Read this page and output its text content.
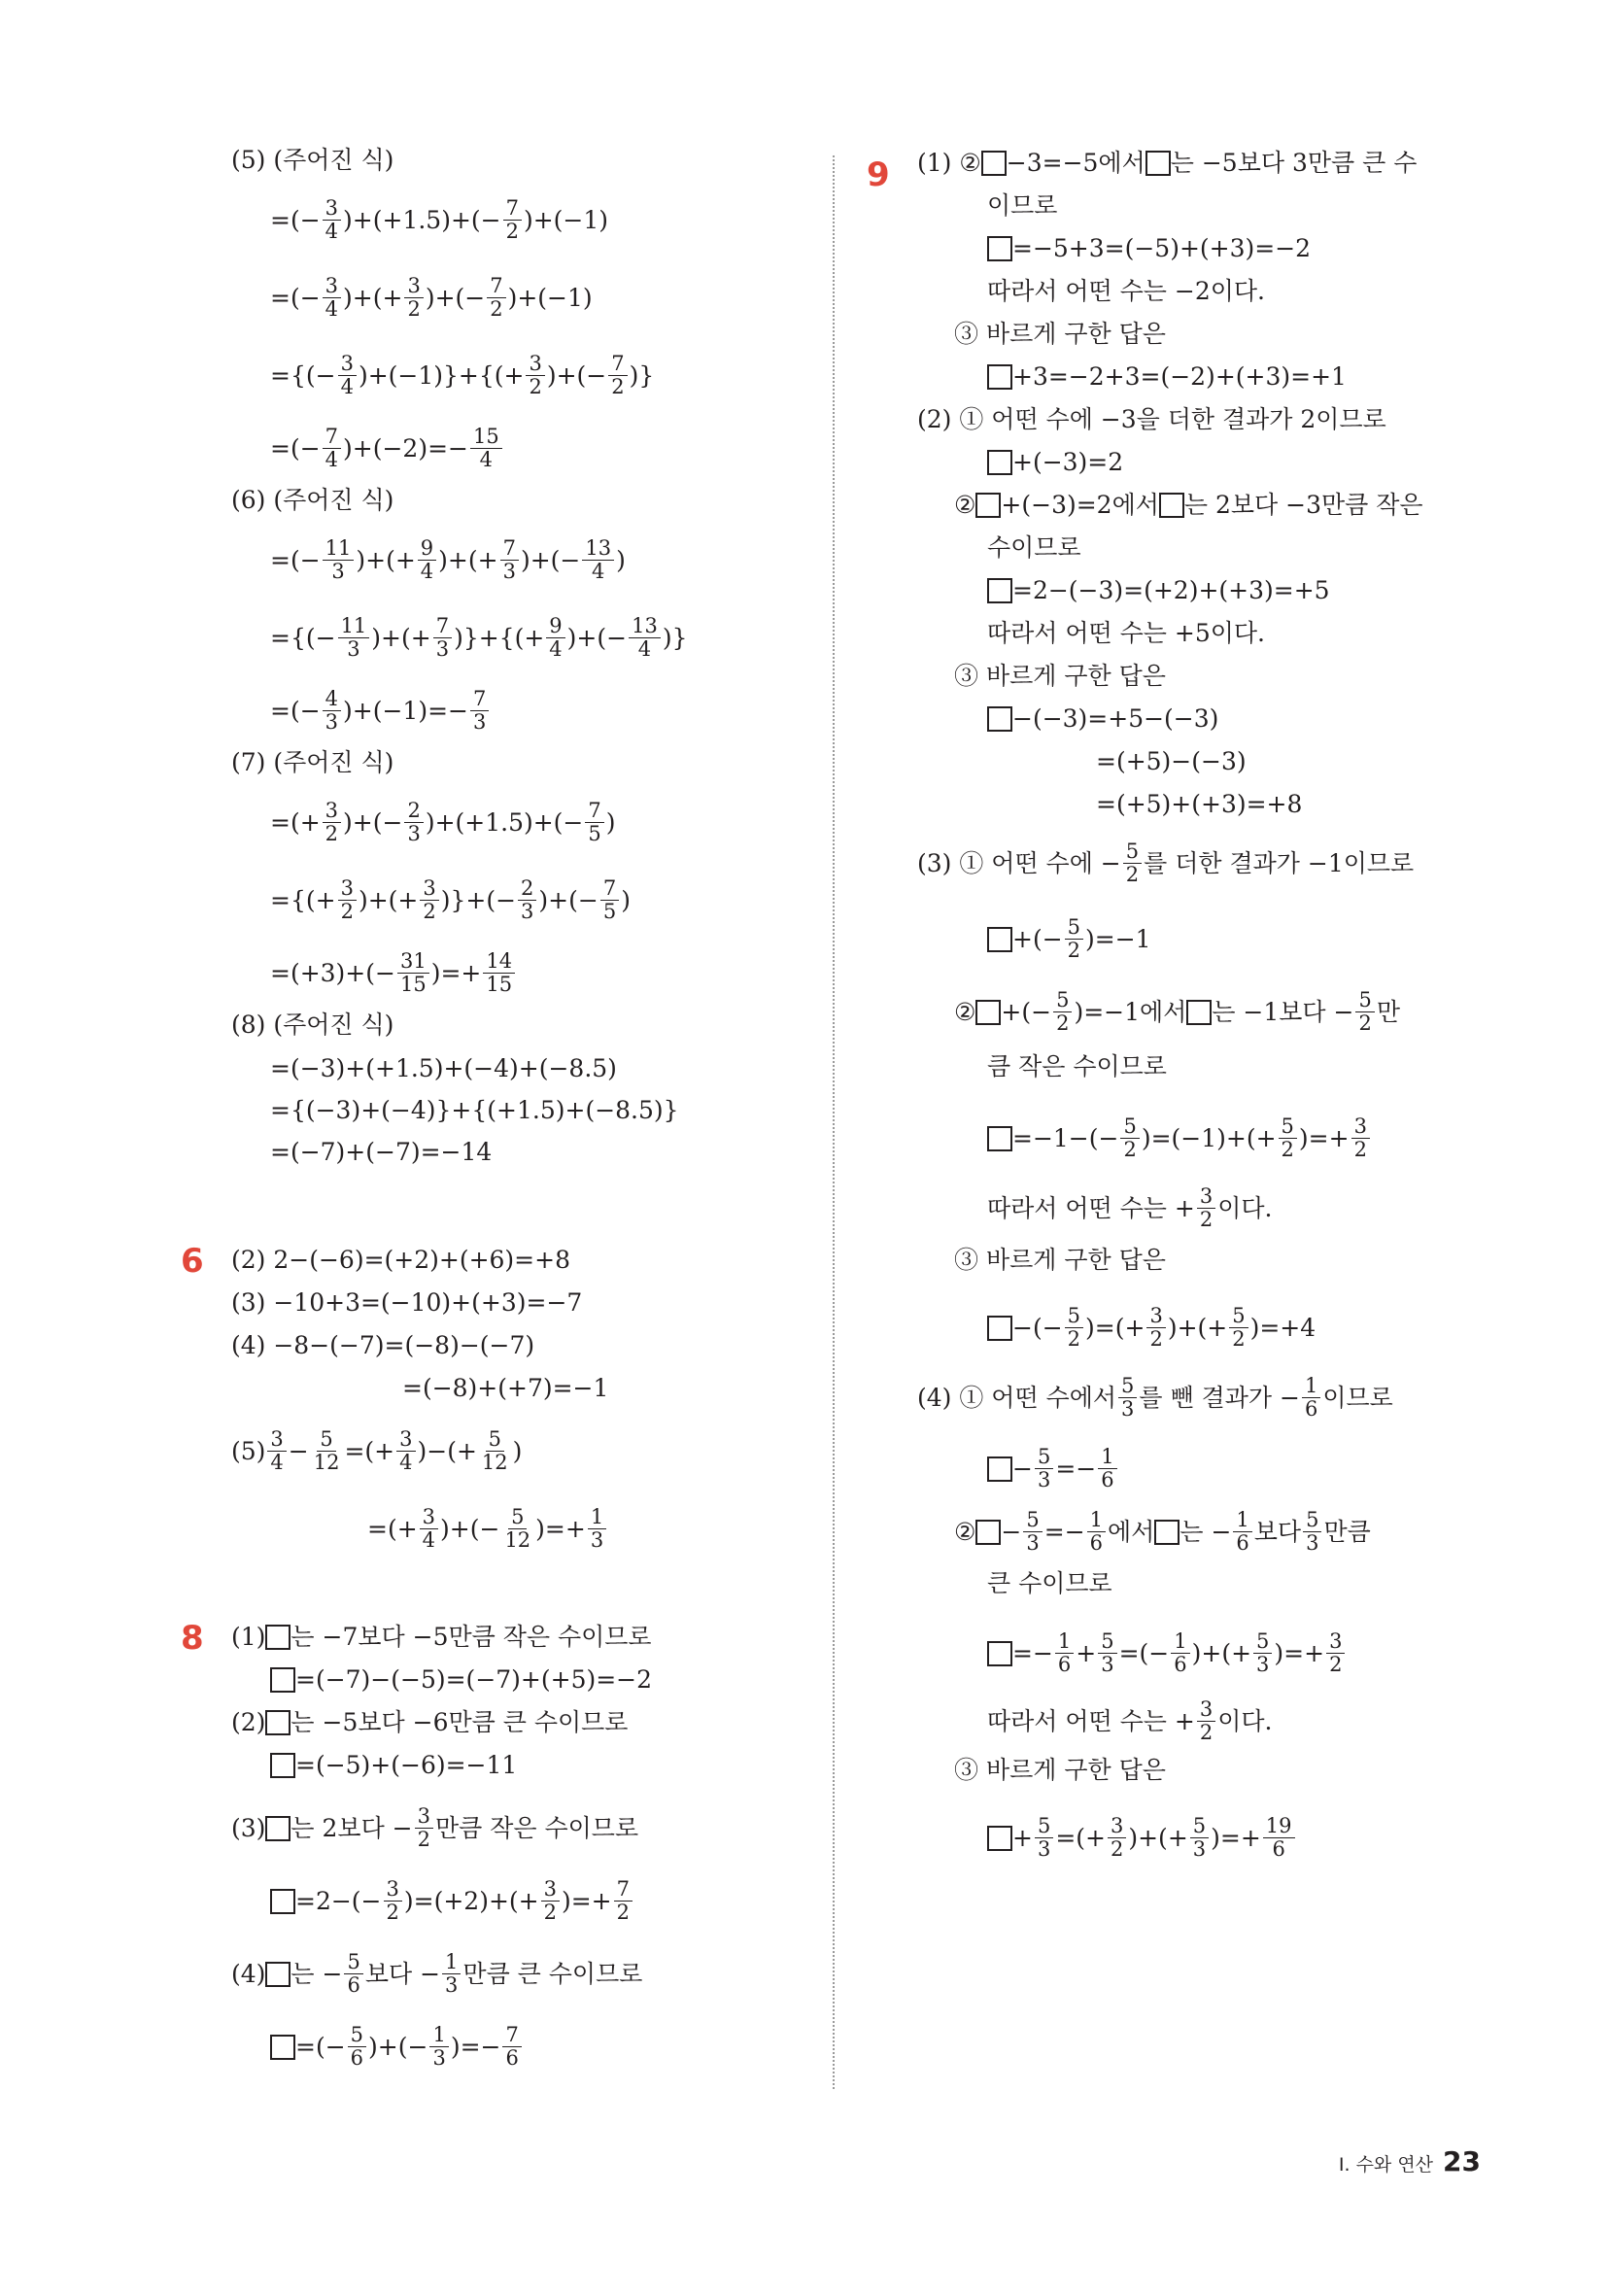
6
8
9
(5) (주어진 식)
=(− $\frac{3}{4} )+(+1.5)+(- \frac{7}{2} )+(-1)$
=(− $\frac{3}{4}$ )+(+ $\frac{3}{2}$ )+(− $\frac{7}{2} )+(-1)$
={(− $\frac{3}{4} )+(-1)\}+\{(+ \frac{3}{2}$ )+(− $\frac{7}{2}$ )}
=(− $\frac{7}{4} )+(-2)=- \frac{15}{4}$
(6) (주어진 식)
=(− $\frac{11}{3}$ )+(+ $\frac{9}{4}$ )+(+ $\frac{7}{3}$ )+(− $\frac{13}{4}$ )
={(− $\frac{11}{3}$ )+(+ $\frac{7}{3}$ )}+{(+ $\frac{9}{4}$ )+(− $\frac{13}{4}$ )}
=(− $\frac{4}{3} )+(-1)=- \frac{7}{3}$
(7) (주어진 식)
=(+ $\frac{3}{2}$ )+(− $\frac{2}{3} )+(+1.5)+(- \frac{7}{5}$ )
={(+ $\frac{3}{2}$ )+(+ $\frac{3}{2}$ )}+(− $\frac{2}{3}$ )+(− $\frac{7}{5}$ )
$=(+3)+(- \frac{31}{15}$ )=+ $\frac{14}{15}$
(8) (주어진 식)
=(−3)+(+1.5)+(−4)+(−8.5)
={(−3)+(−4)}+{(+1.5)+(−8.5)}
=(−7)+(−7)=−14
(2) 2−(−6)=(+2)+(+6)=+8
(3) −10+3=(−10)+(+3)=−7
(4) −8−(−7)=(−8)−(−7)
=(−8)+(+7)=−1
$(5) \frac{3}{4} - \frac{5}{12}$ =(+ $\frac{3}{4}$ )−(+ $\frac{5}{12}$ )
=(+ $\frac{3}{4}$ )+(− $\frac{5}{12}$ )=+ $\frac{1}{3}$
(1)
는 −7보다 −5만큼 작은 수이므로
=(−7)−(−5)=(−7)+(+5)=−2
(2)
는 −5보다 −6만큼 큰 수이므로
=(−5)+(−6)=−11
(3)
는 2보다 − $\frac{3}{2}$ 만큼 작은 수이므로
$=2-(- \frac{3}{2} )=(+2)+(+ \frac{3}{2}$ )=+ $\frac{7}{2}$
(4)
는 − $\frac{5}{6}$ 보다 − $\frac{1}{3}$ 만큼 큰 수이므로
=(− $\frac{5}{6}$ )+(− $\frac{1}{3}$ )=− $\frac{7}{6}$
(1) ②
−3=−5에서
는 −5보다 3만큼 큰 수
이므로
=−5+3=(−5)+(+3)=−2
따라서 어떤 수는 −2이다.
③ 바르게 구한 답은
+3=−2+3=(−2)+(+3)=+1
(2) ① 어떤 수에 −3을 더한 결과가 2이므로
+(−3)=2
②
+(−3)=2에서
는 2보다 −3만큼 작은
수이므로
=2−(−3)=(+2)+(+3)=+5
따라서 어떤 수는 +5이다.
③ 바르게 구한 답은
−(−3)=+5−(−3)
=(+5)−(−3)
=(+5)+(+3)=+8
(3) ① 어떤 수에 − $\frac{5}{2}$ 를 더한 결과가 −1이므로
+(− $\frac{5}{2} )=-1$
②
+(− $\frac{5}{2} )=-1$에서
는 −1보다 − $\frac{5}{2}$ 만
큼 작은 수이므로
$=-1-(- \frac{5}{2} )=(-1)+(+ \frac{5}{2}$ )=+ $\frac{3}{2}$
따라서 어떤 수는 + $\frac{3}{2}$ 이다.
③ 바르게 구한 답은
−(− $\frac{5}{2}$ )=(+ $\frac{3}{2}$ )+(+ $\frac{5}{2} )=+4$
(4) ① 어떤 수에서 $\frac{5}{3}$ 를 뺀 결과가 − $\frac{1}{6}$ 이므로
− $\frac{5}{3} =- \frac{1}{6}$
②
− $\frac{5}{3} =- \frac{1}{6}$ 에서
는 − $\frac{1}{6}$ 보다 $\frac{5}{3}$ 만큼
큰 수이므로
=− $\frac{1}{6} + \frac{5}{3}$ =(− $\frac{1}{6}$ )+(+ $\frac{5}{3}$ )=+ $\frac{3}{2}$
따라서 어떤 수는 + $\frac{3}{2}$ 이다.
③ 바르게 구한 답은
+ $\frac{5}{3}$ =(+ $\frac{3}{2}$ )+(+ $\frac{5}{3}$ )=+ $\frac{19}{6}$
I. 수와 연산 23
